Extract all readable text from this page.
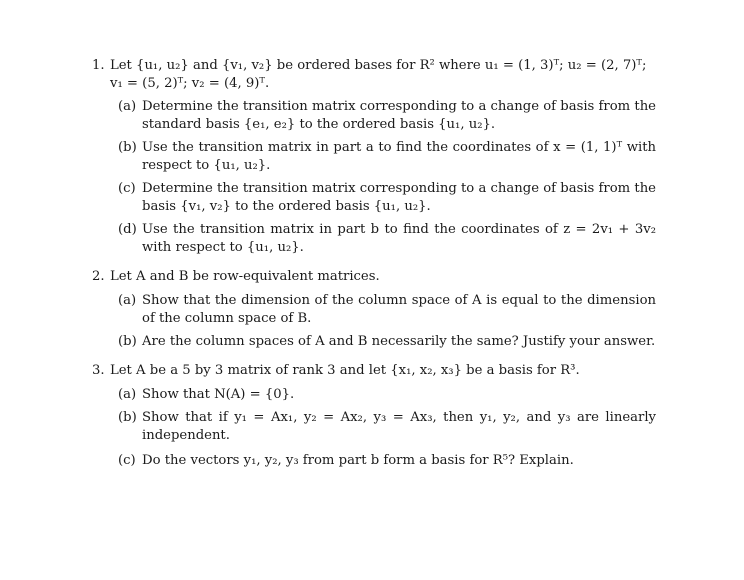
1. Let {u₁, u₂} and {v₁, v₂} be ordered bases for R² where u₁ = (1, 3)ᵀ; u₂ = (2, 7)ᵀ;
v₁ = (5, 2)ᵀ; v₂ = (4, 9)ᵀ.
(a) Determine the transition matrix corresponding to a change of basis from the standard basis {e₁, e₂} to the ordered basis {u₁, u₂}.
(b) Use the transition matrix in part a to find the coordinates of x = (1, 1)ᵀ with respect to {u₁, u₂}.
(c) Determine the transition matrix corresponding to a change of basis from the basis {v₁, v₂} to the ordered basis {u₁, u₂}.
(d) Use the transition matrix in part b to find the coordinates of z = 2v₁ + 3v₂ with respect to {u₁, u₂}.
2. Let A and B be row-equivalent matrices.
(a) Show that the dimension of the column space of A is equal to the dimension of the column space of B.
(b) Are the column spaces of A and B necessarily the same? Justify your answer.
3. Let A be a 5 by 3 matrix of rank 3 and let {x₁, x₂, x₃} be a basis for R³.
(a) Show that N(A) = {0}.
(b) Show that if y₁ = Ax₁, y₂ = Ax₂, y₃ = Ax₃, then y₁, y₂, and y₃ are linearly independent.
(c) Do the vectors y₁, y₂, y₃ from part b form a basis for R⁵? Explain.
